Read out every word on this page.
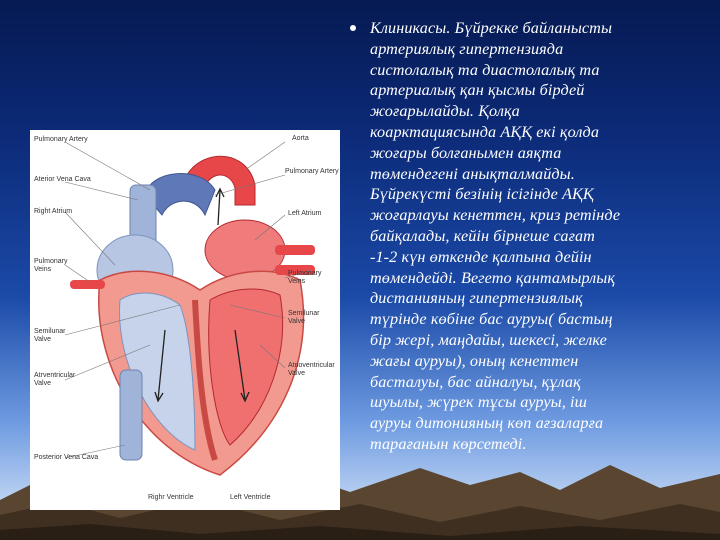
Pulmonary Artery	Aorta
Aterior Vena Cava
Pulmonary Artery
Right Atrium	Left Atrium
Pulmonary
Veins
Pulmonary
Veins
Semilunar
Valve
Semilunar
Valve
Atrventricular
Valve
Atrioventricular
Valve
Posterior Vena Cava
Righr Ventricle	Left Ventricle
Клиникасы. Бүйрекке байланысты
артериялық гипертензияда
систолалық та диастолалық та
артериалық қан қысмы бірдей
жоғарылайды. Қолқа
коарктациясында АҚҚ екі қолда
жоғары болғанымен аяқта
төмендегені анықталмайды.
Бүйрекүсті безінің ісігінде АҚҚ
жоғарлауы кенеттен, криз ретінде
байқалады, кейін бірнеше сағат
-1-2 күн өткенде қалпына дейін
төмендейді. Вегето қантамырлық
дистанияның гипертензиялық
түрінде көбіне бас ауруы( бастың
бір жері, маңдайы, шекесі, желке
жағы ауруы), оның кенеттен
басталуы, бас айналуы, құлақ
шуылы, жүрек тұсы ауруы, іш
ауруы дитонияның көп ағзаларға
тарағанын көрсетеді.
